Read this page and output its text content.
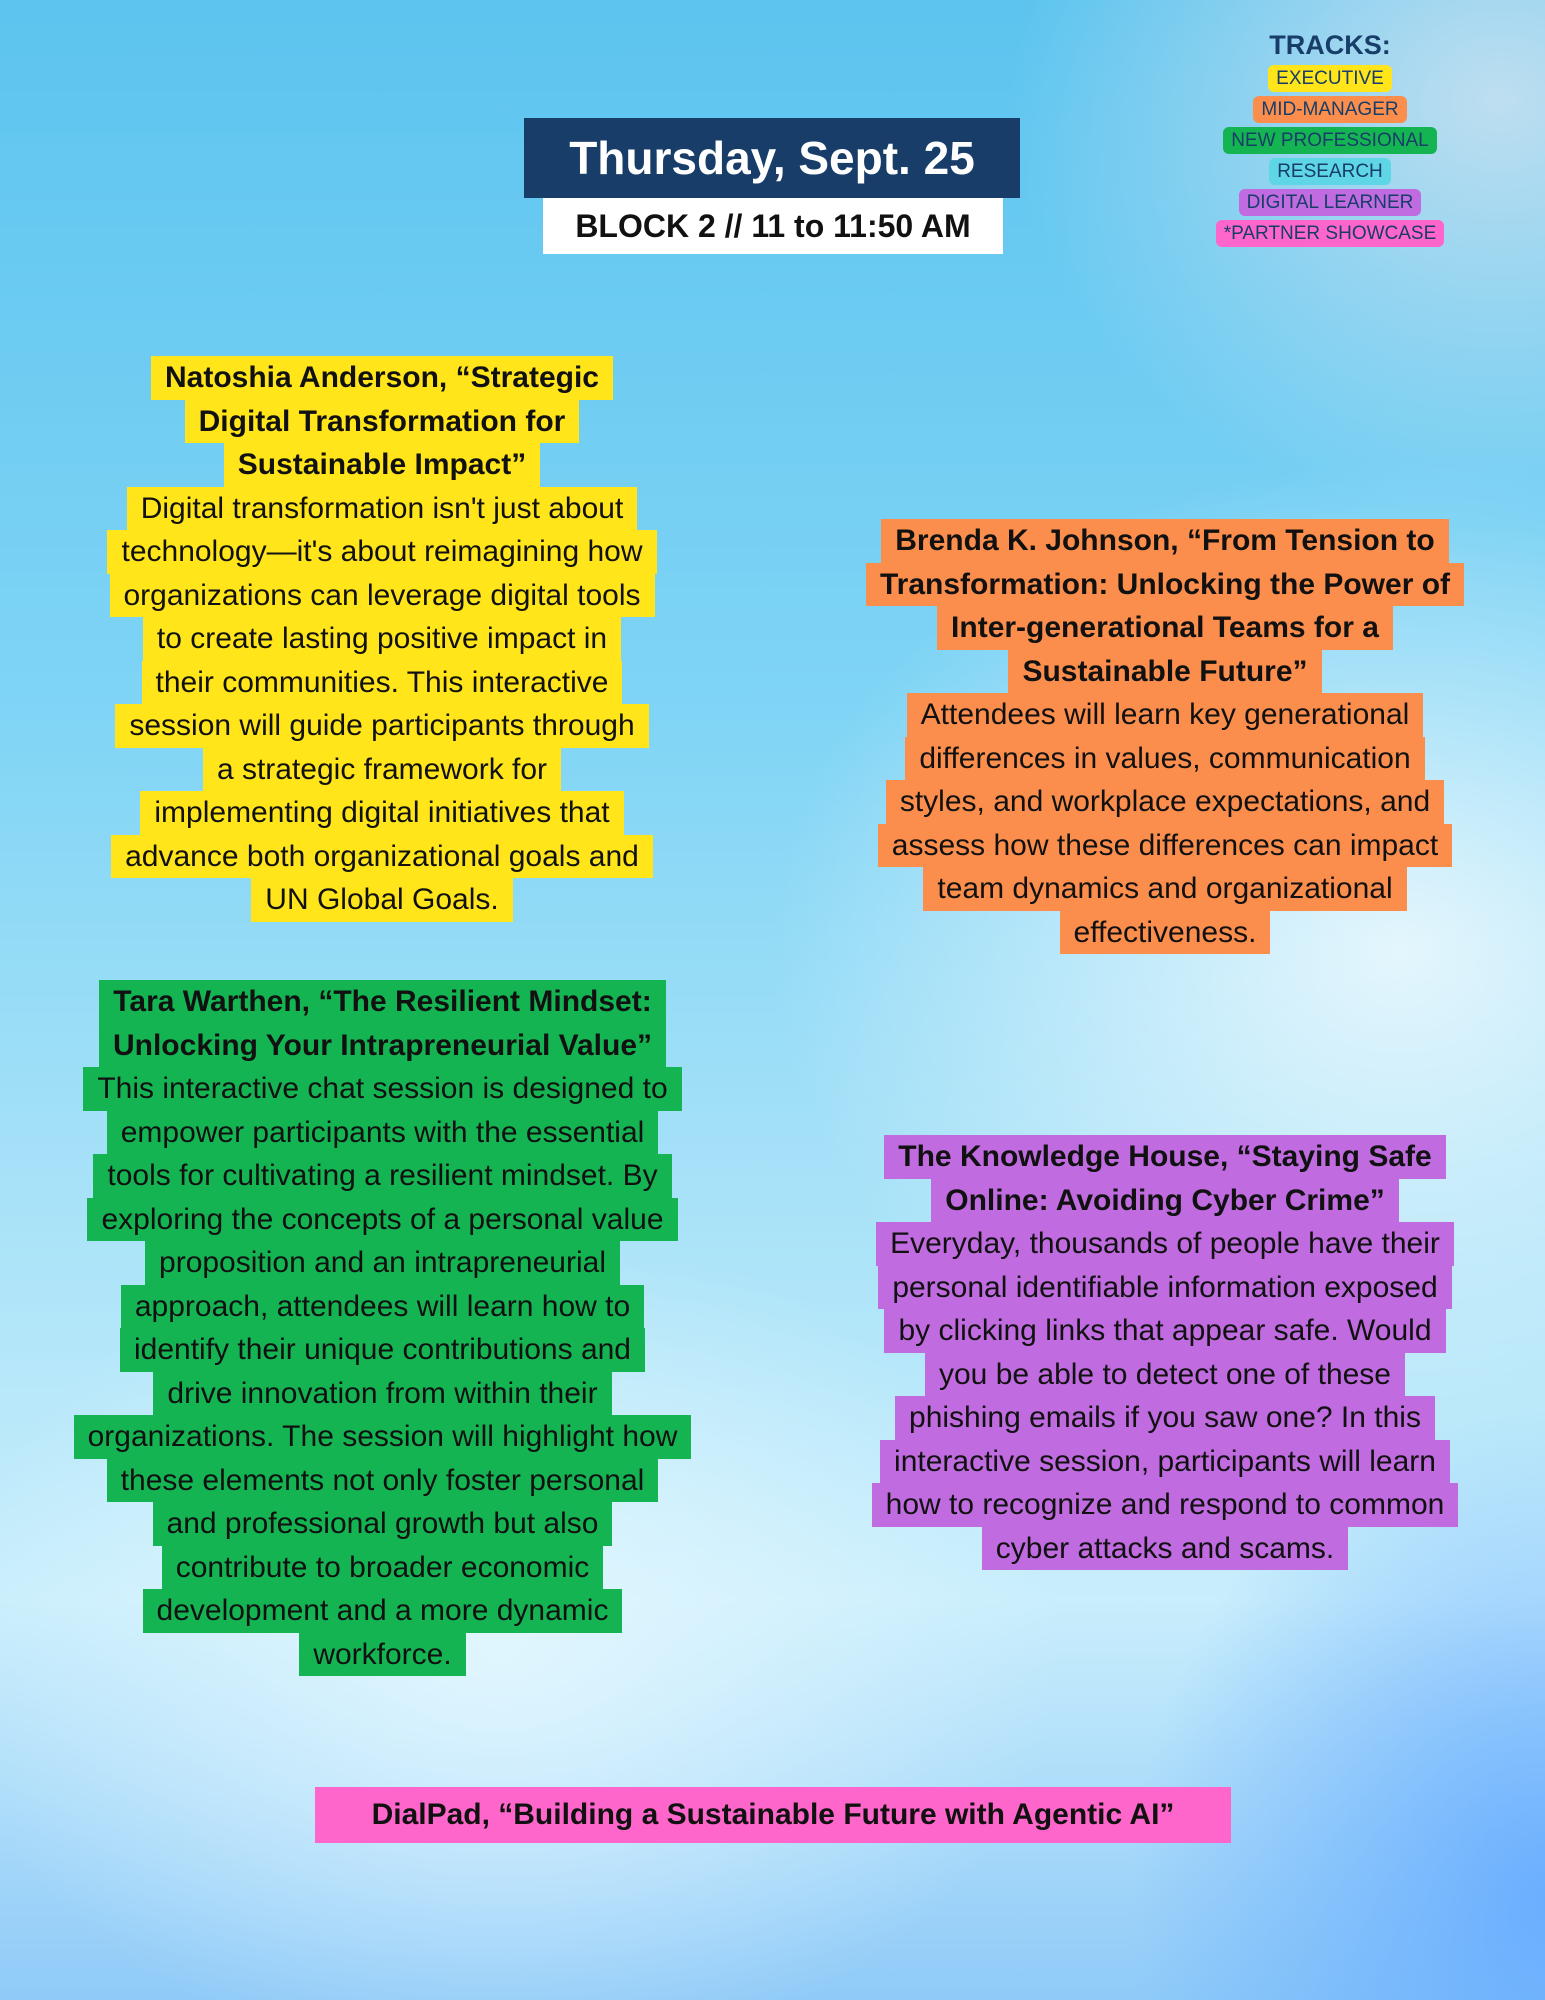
Thursday, Sept. 25
BLOCK 2 // 11 to 11:50 AM
TRACKS:
EXECUTIVE
MID-MANAGER
NEW PROFESSIONAL
RESEARCH
DIGITAL LEARNER
*PARTNER SHOWCASE
Natoshia Anderson, “Strategic
Digital Transformation for
Sustainable Impact”
Digital transformation isn't just about
technology—it's about reimagining how
organizations can leverage digital tools
to create lasting positive impact in
their communities. This interactive
session will guide participants through
a strategic framework for
implementing digital initiatives that
advance both organizational goals and
UN Global Goals.
Brenda K. Johnson, “From Tension to
Transformation: Unlocking the Power of
Inter-generational Teams for a
Sustainable Future”
Attendees will learn key generational
differences in values, communication
styles, and workplace expectations, and
assess how these differences can impact
team dynamics and organizational
effectiveness.
Tara Warthen, “The Resilient Mindset:
Unlocking Your Intrapreneurial Value”
This interactive chat session is designed to
empower participants with the essential
tools for cultivating a resilient mindset. By
exploring the concepts of a personal value
proposition and an intrapreneurial
approach, attendees will learn how to
identify their unique contributions and
drive innovation from within their
organizations. The session will highlight how
these elements not only foster personal
and professional growth but also
contribute to broader economic
development and a more dynamic
workforce.
The Knowledge House, “Staying Safe
Online: Avoiding Cyber Crime”
Everyday, thousands of people have their
personal identifiable information exposed
by clicking links that appear safe. Would
you be able to detect one of these
phishing emails if you saw one? In this
interactive session, participants will learn
how to recognize and respond to common
cyber attacks and scams.
DialPad, “Building a Sustainable Future with Agentic AI”
